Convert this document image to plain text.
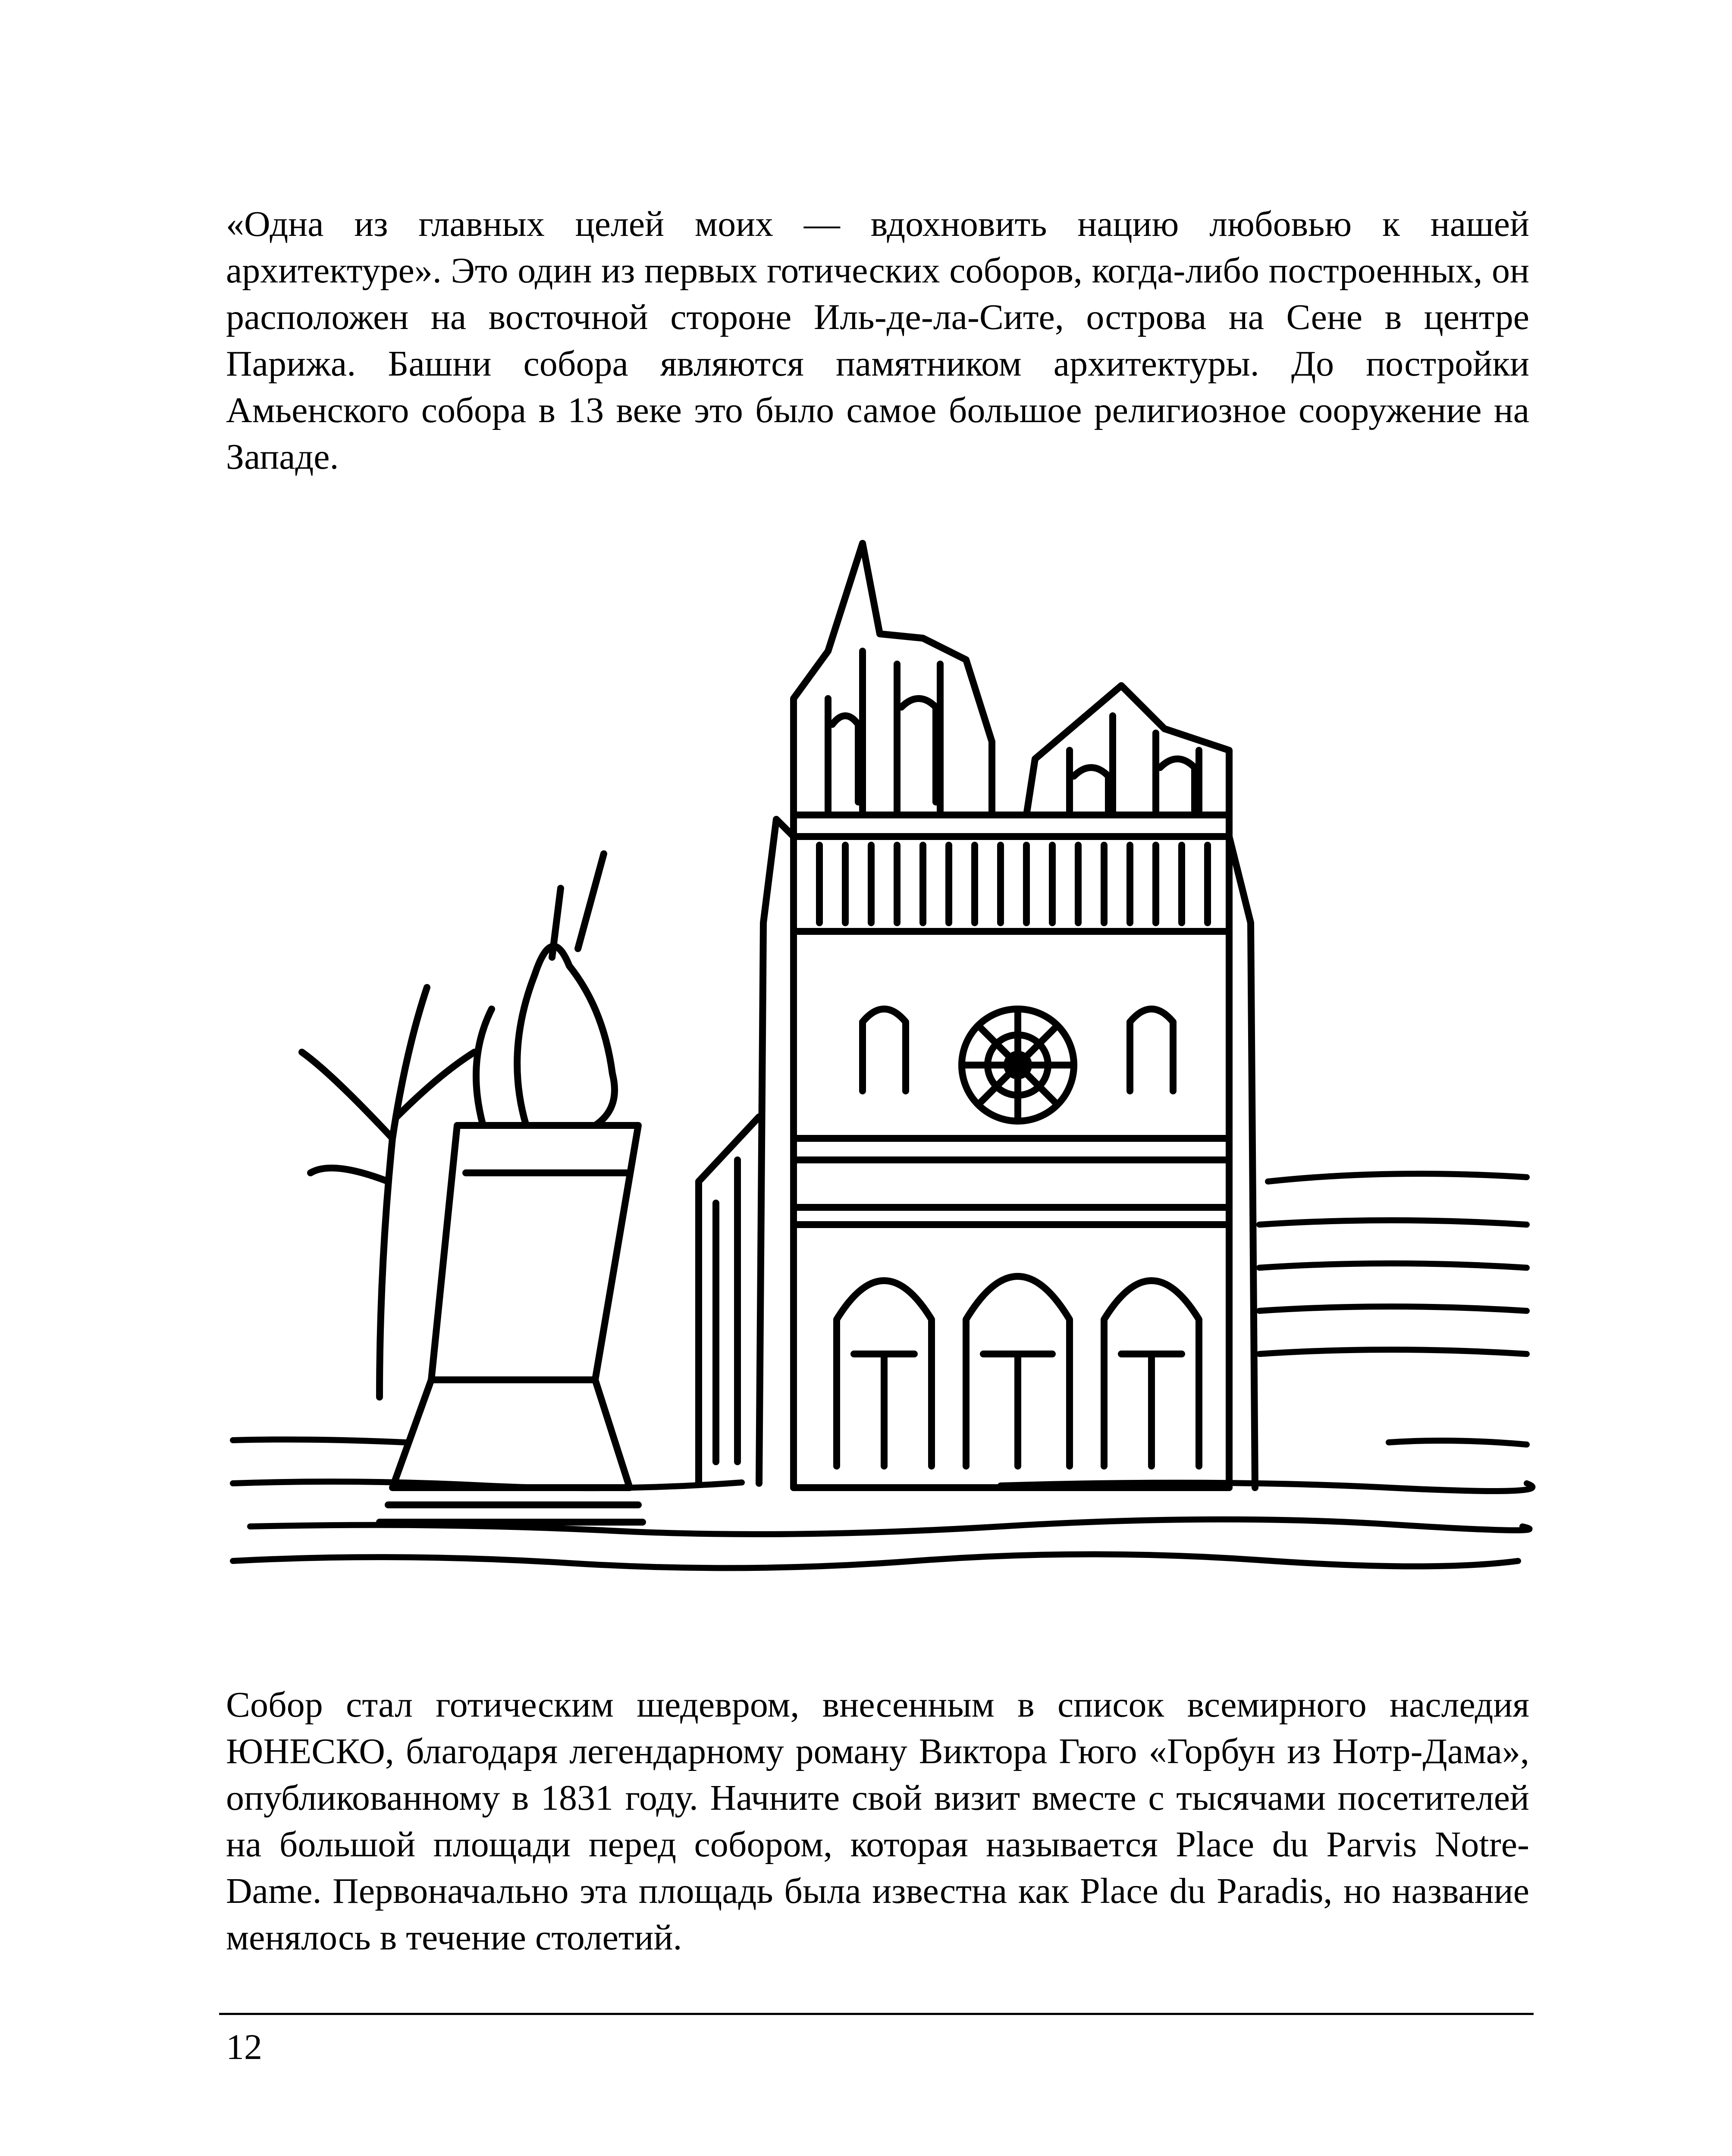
«Одна из главных целей моих — вдохновить нацию любовью к нашей архитектуре». Это один из первых готических соборов, когда-либо построенных, он расположен на восточной стороне Иль-де-ла-Сите, острова на Сене в центре Парижа. Башни собора являются памятником архитектуры. До постройки Амьенского собора в 13 веке это было самое большое религиозное сооружение на Западе.

Собор стал готическим шедевром, внесенным в список всемирного наследия ЮНЕСКО, благодаря легендарному роману Виктора Гюго «Горбун из Нотр-Дама», опубликованному в 1831 году. Начните свой визит вместе с тысячами посетителей на большой площади перед собором, которая называется Place du Parvis Notre-Dame. Первоначально эта площадь была известна как Place du Paradis, но название менялось в течение столетий.

12
